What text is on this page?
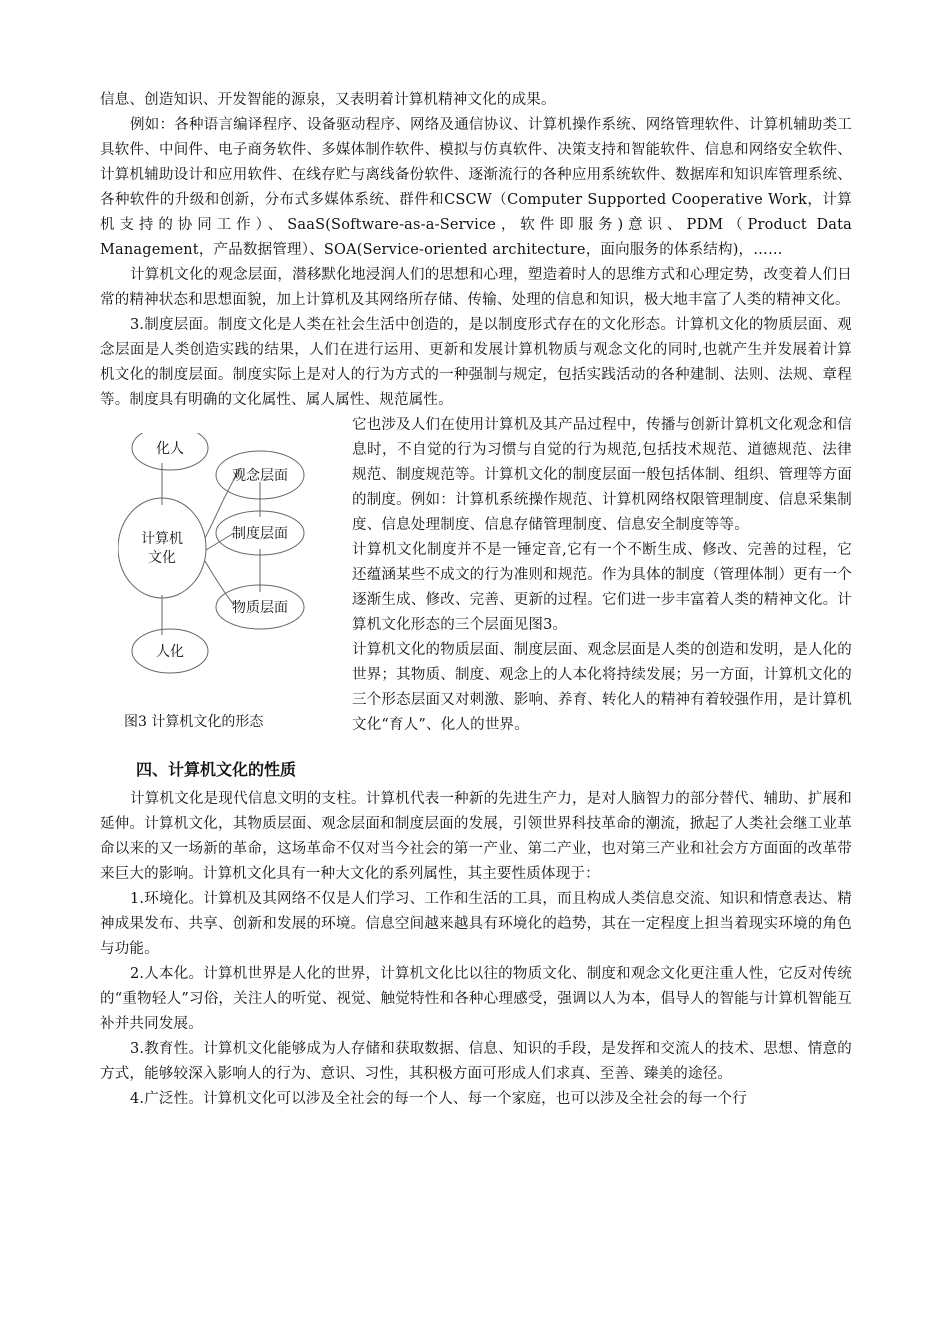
信息、创造知识、开发智能的源泉，又表明着计算机精神文化的成果。

例如：各种语言编译程序、设备驱动程序、网络及通信协议、计算机操作系统、网络管理软件、计算机辅助类工具软件、中间件、电子商务软件、多媒体制作软件、模拟与仿真软件、决策支持和智能软件、信息和网络安全软件、计算机辅助设计和应用软件、在线存贮与离线备份软件、逐渐流行的各种应用系统软件、数据库和知识库管理系统、各种软件的升级和创新，分布式多媒体系统、群件和CSCW（Computer Supported Cooperative Work，计算机支持的协同工作）、SaaS(Software-as-a-Service，软件即服务)意识、PDM（Product Data Management，产品数据管理）、SOA(Service-oriented architecture，面向服务的体系结构)，……

计算机文化的观念层面，潜移默化地浸润人们的思想和心理，塑造着时人的思维方式和心理定势，改变着人们日常的精神状态和思想面貌，加上计算机及其网络所存储、传输、处理的信息和知识，极大地丰富了人类的精神文化。

3.制度层面。制度文化是人类在社会生活中创造的，是以制度形式存在的文化形态。计算机文化的物质层面、观念层面是人类创造实践的结果，人们在进行运用、更新和发展计算机物质与观念文化的同时,也就产生并发展着计算机文化的制度层面。制度实际上是对人的行为方式的一种强制与规定，包括实践活动的各种建制、法则、法规、章程等。制度具有明确的文化属性、属人属性、规范属性。

化人
观念层面
计算机
文化
制度层面
物质层面
人化
图3 计算机文化的形态

它也涉及人们在使用计算机及其产品过程中，传播与创新计算机文化观念和信息时，不自觉的行为习惯与自觉的行为规范,包括技术规范、道德规范、法律规范、制度规范等。计算机文化的制度层面一般包括体制、组织、管理等方面的制度。例如：计算机系统操作规范、计算机网络权限管理制度、信息采集制度、信息处理制度、信息存储管理制度、信息安全制度等等。

计算机文化制度并不是一锤定音,它有一个不断生成、修改、完善的过程，它还蕴涵某些不成文的行为准则和规范。作为具体的制度（管理体制）更有一个逐渐生成、修改、完善、更新的过程。它们进一步丰富着人类的精神文化。计算机文化形态的三个层面见图3。

计算机文化的物质层面、制度层面、观念层面是人类的创造和发明，是人化的世界；其物质、制度、观念上的人本化将持续发展；另一方面，计算机文化的三个形态层面又对刺激、影响、养育、转化人的精神有着较强作用，是计算机文化“育人”、化人的世界。

四、计算机文化的性质

计算机文化是现代信息文明的支柱。计算机代表一种新的先进生产力，是对人脑智力的部分替代、辅助、扩展和延伸。计算机文化，其物质层面、观念层面和制度层面的发展，引领世界科技革命的潮流，掀起了人类社会继工业革命以来的又一场新的革命，这场革命不仅对当今社会的第一产业、第二产业，也对第三产业和社会方方面面的改革带来巨大的影响。计算机文化具有一种大文化的系列属性，其主要性质体现于：

1.环境化。计算机及其网络不仅是人们学习、工作和生活的工具，而且构成人类信息交流、知识和情意表达、精神成果发布、共享、创新和发展的环境。信息空间越来越具有环境化的趋势，其在一定程度上担当着现实环境的角色与功能。

2.人本化。计算机世界是人化的世界，计算机文化比以往的物质文化、制度和观念文化更注重人性，它反对传统的“重物轻人”习俗，关注人的听觉、视觉、触觉特性和各种心理感受，强调以人为本，倡导人的智能与计算机智能互补并共同发展。

3.教育性。计算机文化能够成为人存储和获取数据、信息、知识的手段，是发挥和交流人的技术、思想、情意的方式，能够较深入影响人的行为、意识、习性，其积极方面可形成人们求真、至善、臻美的途径。

4.广泛性。计算机文化可以涉及全社会的每一个人、每一个家庭，也可以涉及全社会的每一个行
